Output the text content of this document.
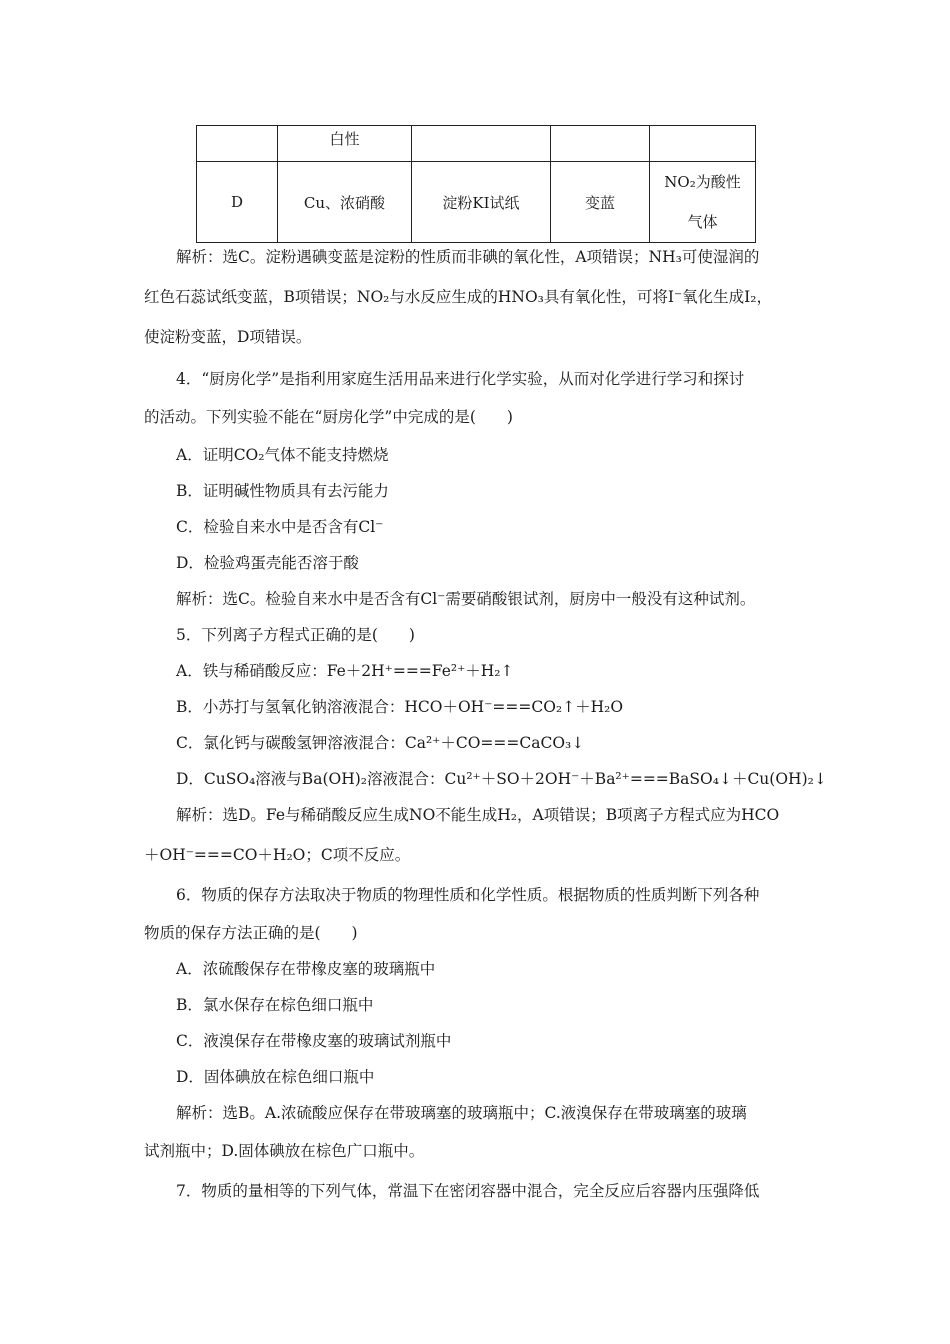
	白性			

D	Cu、浓硝酸	淀粉KI试纸	变蓝	NO₂为酸性
气体
解析：选C。淀粉遇碘变蓝是淀粉的性质而非碘的氧化性，A项错误；NH₃可使湿润的
红色石蕊试纸变蓝，B项错误；NO₂与水反应生成的HNO₃具有氧化性，可将I⁻氧化生成I₂，
使淀粉变蓝，D项错误。
4．“厨房化学”是指利用家庭生活用品来进行化学实验，从而对化学进行学习和探讨
的活动。下列实验不能在“厨房化学”中完成的是(　　)
A．证明CO₂气体不能支持燃烧
B．证明碱性物质具有去污能力
C．检验自来水中是否含有Cl⁻
D．检验鸡蛋壳能否溶于酸
解析：选C。检验自来水中是否含有Cl⁻需要硝酸银试剂，厨房中一般没有这种试剂。
5．下列离子方程式正确的是(　　)
A．铁与稀硝酸反应：Fe＋2H⁺===Fe²⁺＋H₂↑
B．小苏打与氢氧化钠溶液混合：HCO＋OH⁻===CO₂↑＋H₂O
C．氯化钙与碳酸氢钾溶液混合：Ca²⁺＋CO===CaCO₃↓
D．CuSO₄溶液与Ba(OH)₂溶液混合：Cu²⁺＋SO＋2OH⁻＋Ba²⁺===BaSO₄↓＋Cu(OH)₂↓
解析：选D。Fe与稀硝酸反应生成NO不能生成H₂，A项错误；B项离子方程式应为HCO
＋OH⁻===CO＋H₂O；C项不反应。
6．物质的保存方法取决于物质的物理性质和化学性质。根据物质的性质判断下列各种
物质的保存方法正确的是(　　)
A．浓硫酸保存在带橡皮塞的玻璃瓶中
B．氯水保存在棕色细口瓶中
C．液溴保存在带橡皮塞的玻璃试剂瓶中
D．固体碘放在棕色细口瓶中
解析：选B。A.浓硫酸应保存在带玻璃塞的玻璃瓶中；C.液溴保存在带玻璃塞的玻璃
试剂瓶中；D.固体碘放在棕色广口瓶中。
7．物质的量相等的下列气体，常温下在密闭容器中混合，完全反应后容器内压强降低
